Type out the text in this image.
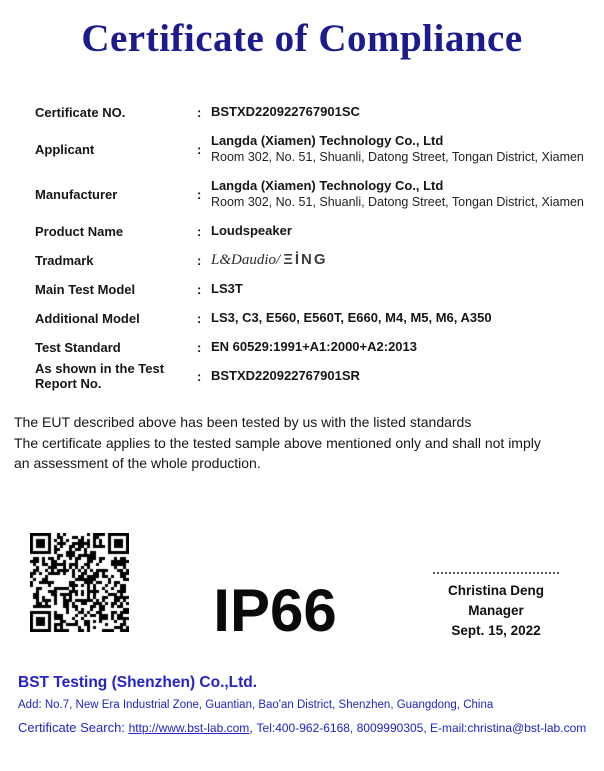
Certificate of Compliance
Certificate NO.	: BSTXD220922767901SC
Applicant	:
Langda (Xiamen) Technology Co., Ltd
Room 302, No. 51, Shuanli, Datong Street, Tongan District, Xiamen
Manufacturer	:
Langda (Xiamen) Technology Co., Ltd
Room 302, No. 51, Shuanli, Datong Street, Tongan District, Xiamen
Product Name	: Loudspeaker
Tradmark	: L&Daudio/ ΞİNG
Main Test Model	: LS3T
Additional Model	: LS3, C3, E560, E560T, E660, M4, M5, M6, A350
Test Standard	: EN 60529:1991+A1:2000+A2:2013
As shown in the Test Report No.	: BSTXD220922767901SR
The EUT described above has been tested by us with the listed standards
The certificate applies to the tested sample above mentioned only and shall not imply
an assessment of the whole production.
IP66	Christina Deng
Manager
Sept. 15, 2022
BST Testing (Shenzhen) Co.,Ltd.
Add: No.7, New Era Industrial Zone, Guantian, Bao'an District, Shenzhen, Guangdong, China
Certificate Search: http://www.bst-lab.com, Tel:400-962-6168, 8009990305, E-mail:christina@bst-lab.com
